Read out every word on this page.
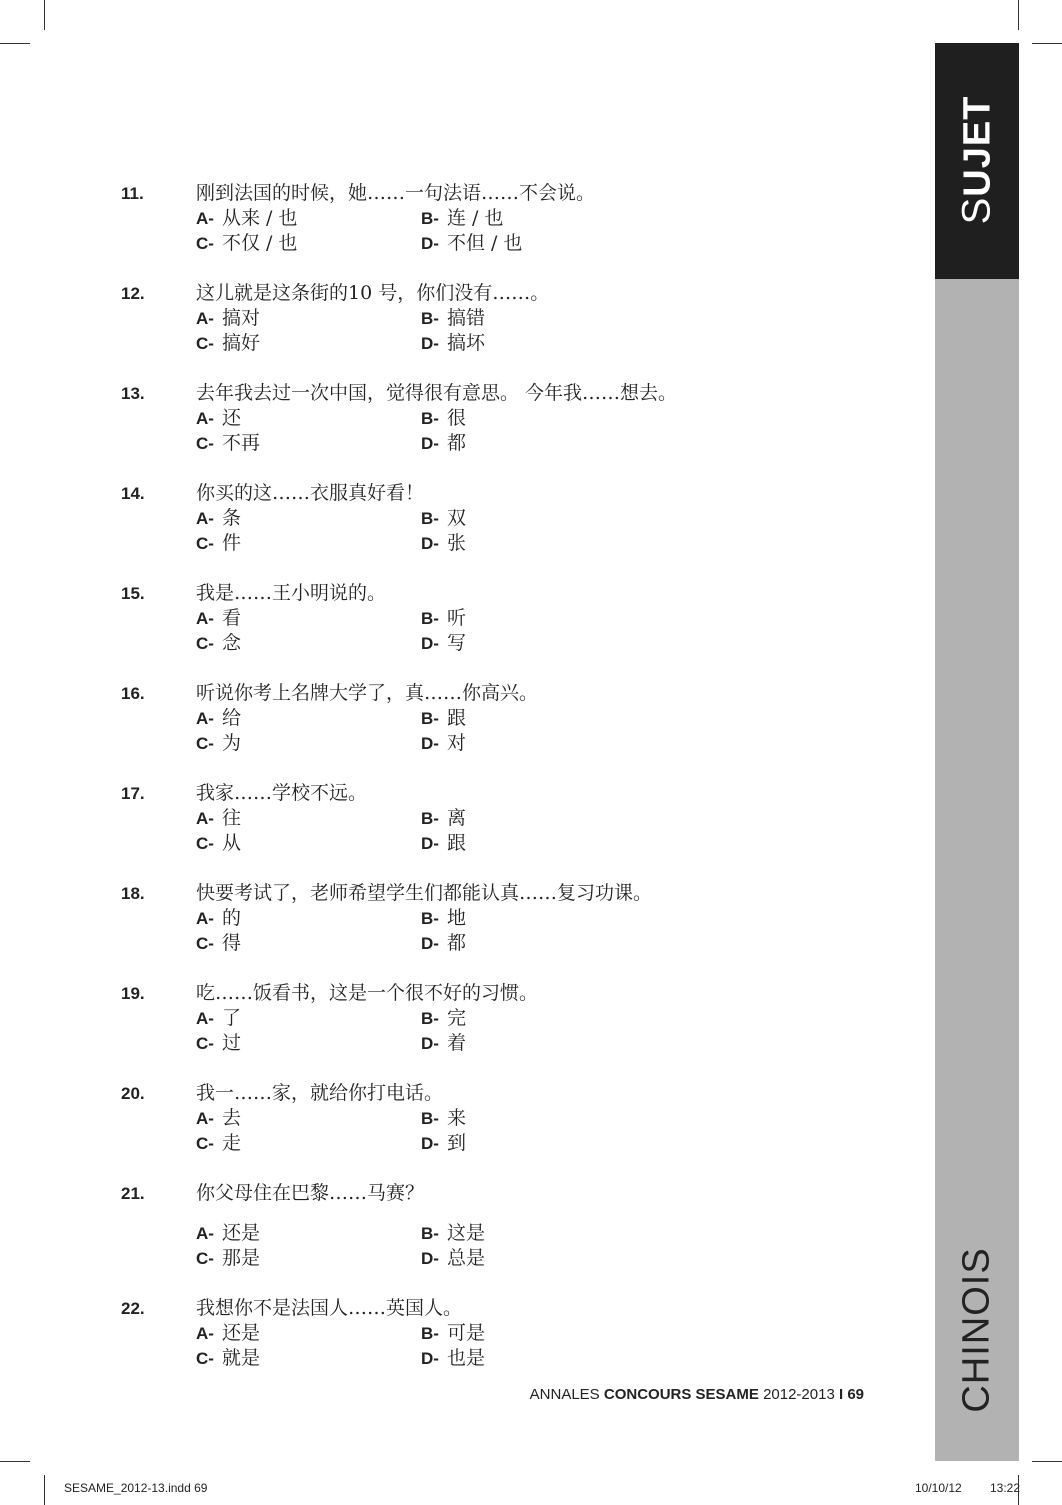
SUJET
CHINOIS
11.	刚到法国的时候，她……一句法语……不会说。
A- 从来 / 也	B- 连 / 也
C- 不仅 / 也	D- 不但 / 也
12.	这儿就是这条街的10 号，你们没有……。
A- 搞对	B- 搞错
C- 搞好	D- 搞坏
13.	去年我去过一次中国，觉得很有意思。 今年我……想去。
A- 还	B- 很
C- 不再	D- 都
14.	你买的这……衣服真好看！
A- 条	B- 双
C- 件	D- 张
15.	我是……王小明说的。
A- 看	B- 听
C- 念	D- 写
16.	听说你考上名牌大学了，真……你高兴。
A- 给	B- 跟
C- 为	D- 对
17.	我家……学校不远。
A- 往	B- 离
C- 从	D- 跟
18.	快要考试了，老师希望学生们都能认真……复习功课。
A- 的	B- 地
C- 得	D- 都
19.	吃……饭看书，这是一个很不好的习惯。
A- 了	B- 完
C- 过	D- 着
20.	我一……家，就给你打电话。
A- 去	B- 来
C- 走	D- 到
21.	你父母住在巴黎……马赛？
A- 还是	B- 这是
C- 那是	D- 总是
22.	我想你不是法国人……英国人。
A- 还是	B- 可是
C- 就是	D- 也是
ANNALES CONCOURS SESAME 2012-2013 I 69
SESAME_2012-13.indd 69	10/10/12 13:22
